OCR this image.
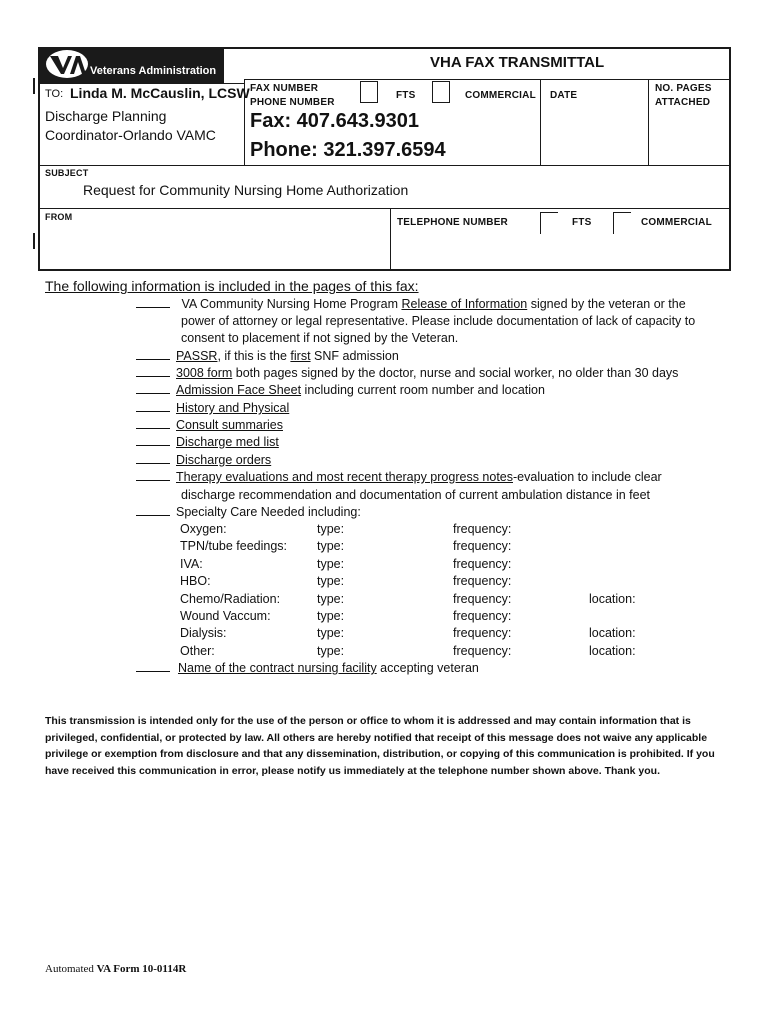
Veterans Administration	VHA FAX TRANSMITTAL
TO: Linda M. McCauslin, LCSW
Discharge Planning
Coordinator-Orlando VAMC
FAX NUMBER
PHONE NUMBER
FTS	COMMERCIAL
Fax: 407.643.9301
Phone: 321.397.6594
DATE
NO. PAGES
ATTACHED
SUBJECT
Request for Community Nursing Home Authorization
FROM	TELEPHONE NUMBER	FTS	COMMERCIAL
The following information is included in the pages of this fax:
VA Community Nursing Home Program Release of Information signed by the veteran or the
power of attorney or legal representative. Please include documentation of lack of capacity to
consent to placement if not signed by the Veteran.
PASSR, if this is the first SNF admission
3008 form both pages signed by the doctor, nurse and social worker, no older than 30 days
Admission Face Sheet including current room number and location
History and Physical
Consult summaries
Discharge med list
Discharge orders
Therapy evaluations and most recent therapy progress notes-evaluation to include clear
discharge recommendation and documentation of current ambulation distance in feet
Specialty Care Needed including:
Oxygen:	type:	frequency:
TPN/tube feedings: type:	frequency:
IVA:	type:	frequency:
HBO:	type:	frequency:
Chemo/Radiation:	type:	frequency:	location:
Wound Vaccum:	type:	frequency:
Dialysis:	type:	frequency:	location:
Other:	type:	frequency:	location:
Name of the contract nursing facility accepting veteran
This transmission is intended only for the use of the person or office to whom it is addressed and may contain information that is privileged, confidential, or protected by law. All others are hereby notified that receipt of this message does not waive any applicable privilege or exemption from disclosure and that any dissemination, distribution, or copying of this communication is prohibited. If you have received this communication in error, please notify us immediately at the telephone number shown above. Thank you.
Automated VA Form 10-0114R
